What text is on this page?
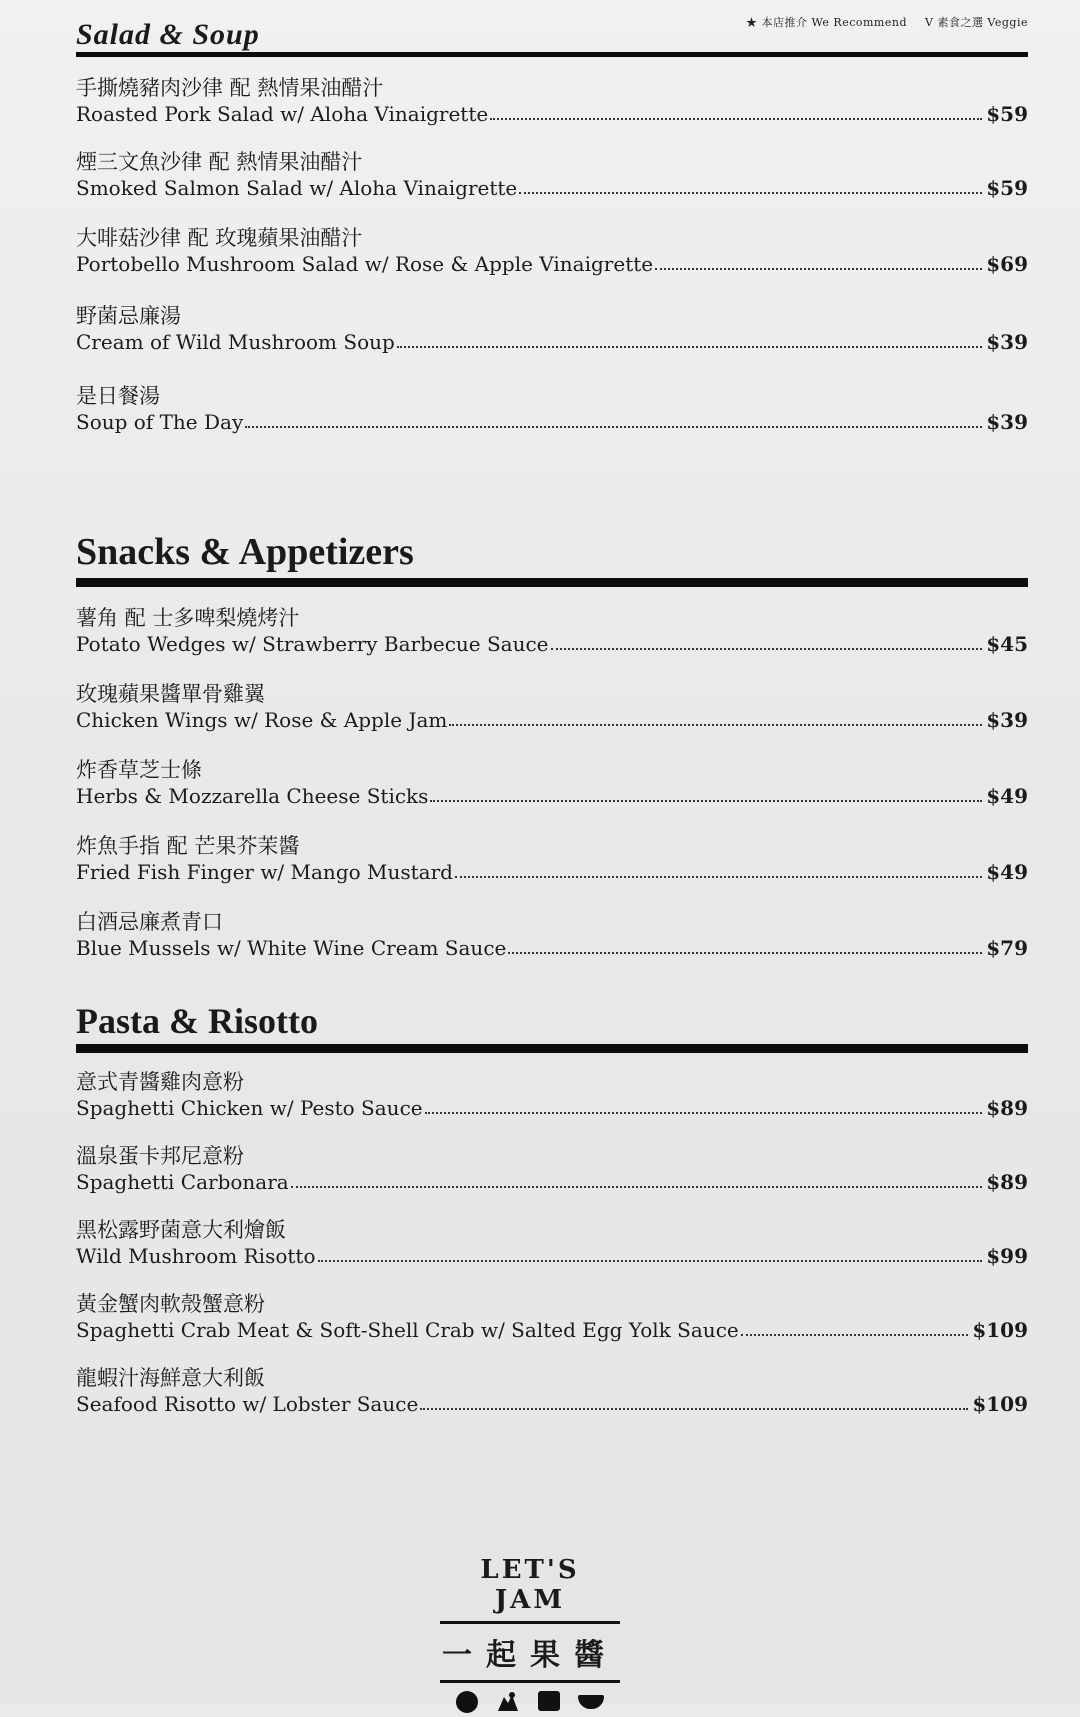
★ 本店推介 We Recommend V 素食之選 Veggie
Salad & Soup
手撕燒豬肉沙律 配 熱情果油醋汁
Roasted Pork Salad w/ Aloha Vinaigrette	$59
煙三文魚沙律 配 熱情果油醋汁
Smoked Salmon Salad w/ Aloha Vinaigrette	$59
大啡菇沙律 配 玫瑰蘋果油醋汁
Portobello Mushroom Salad w/ Rose & Apple Vinaigrette	$69
野菌忌廉湯
Cream of Wild Mushroom Soup	$39
是日餐湯
Soup of The Day	$39
Snacks & Appetizers
薯角 配 士多啤梨燒烤汁
Potato Wedges w/ Strawberry Barbecue Sauce	$45
玫瑰蘋果醬單骨雞翼
Chicken Wings w/ Rose & Apple Jam	$39
炸香草芝士條
Herbs & Mozzarella Cheese Sticks	$49
炸魚手指 配 芒果芥茉醬
Fried Fish Finger w/ Mango Mustard	$49
白酒忌廉煮青口
Blue Mussels w/ White Wine Cream Sauce	$79
Pasta & Risotto
意式青醬雞肉意粉
Spaghetti Chicken w/ Pesto Sauce	$89
溫泉蛋卡邦尼意粉
Spaghetti Carbonara	$89
黑松露野菌意大利燴飯
Wild Mushroom Risotto	$99
黃金蟹肉軟殼蟹意粉
Spaghetti Crab Meat & Soft-Shell Crab w/ Salted Egg Yolk Sauce	$109
龍蝦汁海鮮意大利飯
Seafood Risotto w/ Lobster Sauce	$109
LET'S JAM
一起果醬
